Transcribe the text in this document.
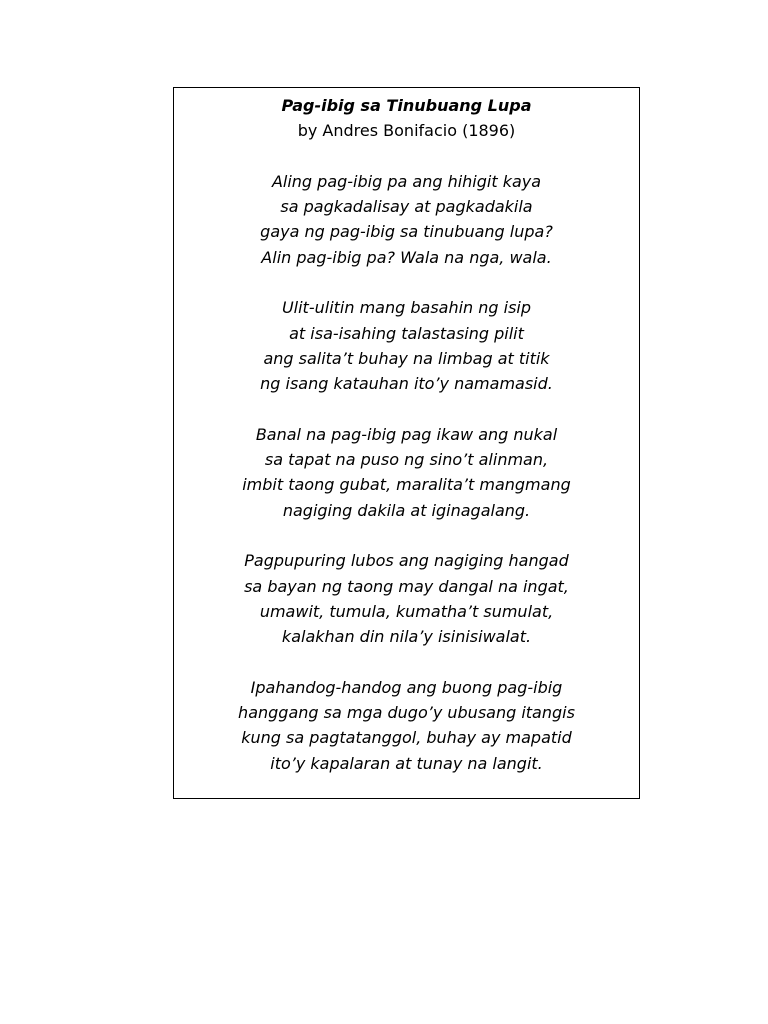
Pag-ibig sa Tinubuang Lupa
by Andres Bonifacio (1896)
Aling pag-ibig pa ang hihigit kaya
sa pagkadalisay at pagkadakila
gaya ng pag-ibig sa tinubuang lupa?
Alin pag-ibig pa? Wala na nga, wala.
Ulit-ulitin mang basahin ng isip
at isa-isahing talastasing pilit
ang salita’t buhay na limbag at titik
ng isang katauhan ito’y namamasid.
Banal na pag-ibig pag ikaw ang nukal
sa tapat na puso ng sino’t alinman,
imbit taong gubat, maralita’t mangmang
nagiging dakila at iginagalang.
Pagpupuring lubos ang nagiging hangad
sa bayan ng taong may dangal na ingat,
umawit, tumula, kumatha’t sumulat,
kalakhan din nila’y isinisiwalat.
Ipahandog-handog ang buong pag-ibig
hanggang sa mga dugo’y ubusang itangis
kung sa pagtatanggol, buhay ay mapatid
ito’y kapalaran at tunay na langit.
